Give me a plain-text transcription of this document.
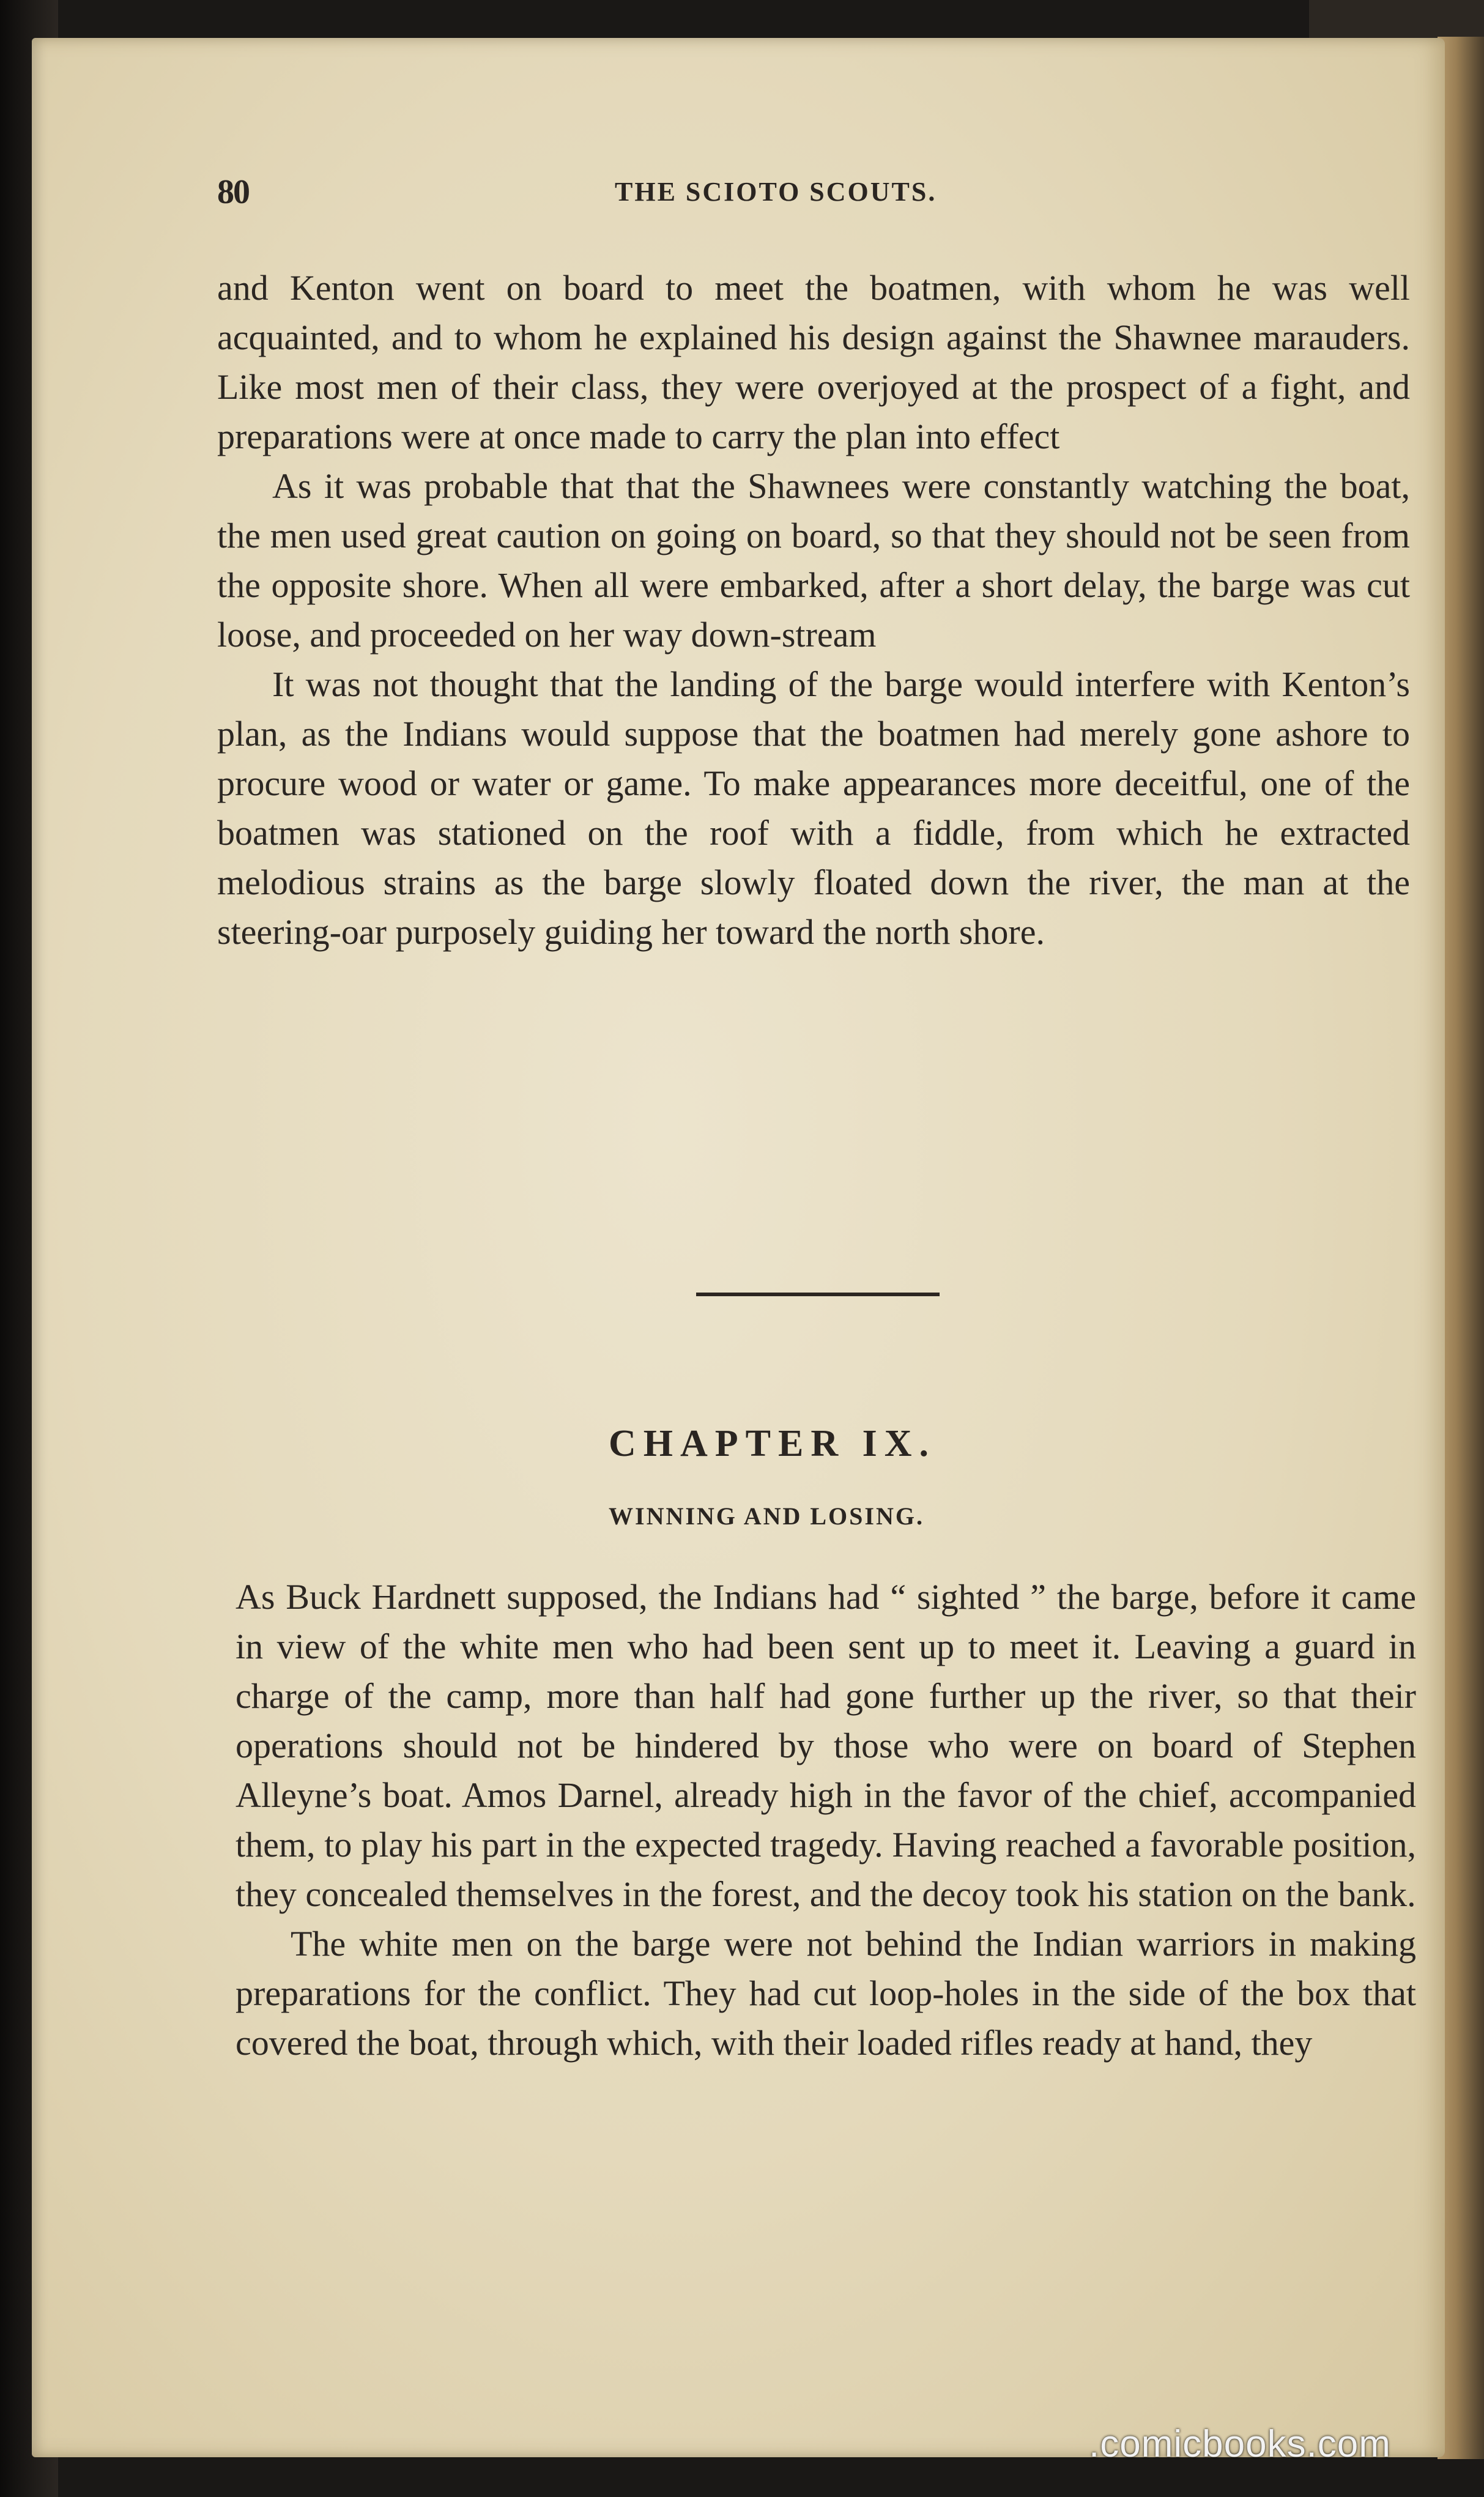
80	THE SCIOTO SCOUTS.

and Kenton went on board to meet the boatmen, with whom he was well acquainted, and to whom he explained his design against the Shawnee marauders. Like most men of their class, they were overjoyed at the prospect of a fight, and preparations were at once made to carry the plan into effect

As it was probable that that the Shawnees were constantly watching the boat, the men used great caution on going on board, so that they should not be seen from the opposite shore. When all were embarked, after a short delay, the barge was cut loose, and proceeded on her way down-stream

It was not thought that the landing of the barge would interfere with Kenton’s plan, as the Indians would suppose that the boatmen had merely gone ashore to procure wood or water or game. To make appearances more deceitful, one of the boatmen was stationed on the roof with a fiddle, from which he extracted melodious strains as the barge slowly floated down the river, the man at the steering-oar purposely guiding her toward the north shore.

CHAPTER IX.
WINNING AND LOSING.

As Buck Hardnett supposed, the Indians had “ sighted ” the barge, before it came in view of the white men who had been sent up to meet it. Leaving a guard in charge of the camp, more than half had gone further up the river, so that their operations should not be hindered by those who were on board of Stephen Alleyne’s boat. Amos Darnel, already high in the favor of the chief, accompanied them, to play his part in the expected tragedy. Having reached a favorable position, they concealed themselves in the forest, and the decoy took his station on the bank.

The white men on the barge were not behind the Indian warriors in making preparations for the conflict. They had cut loop-holes in the side of the box that covered the boat, through which, with their loaded rifles ready at hand, they

.comicbooks.com
